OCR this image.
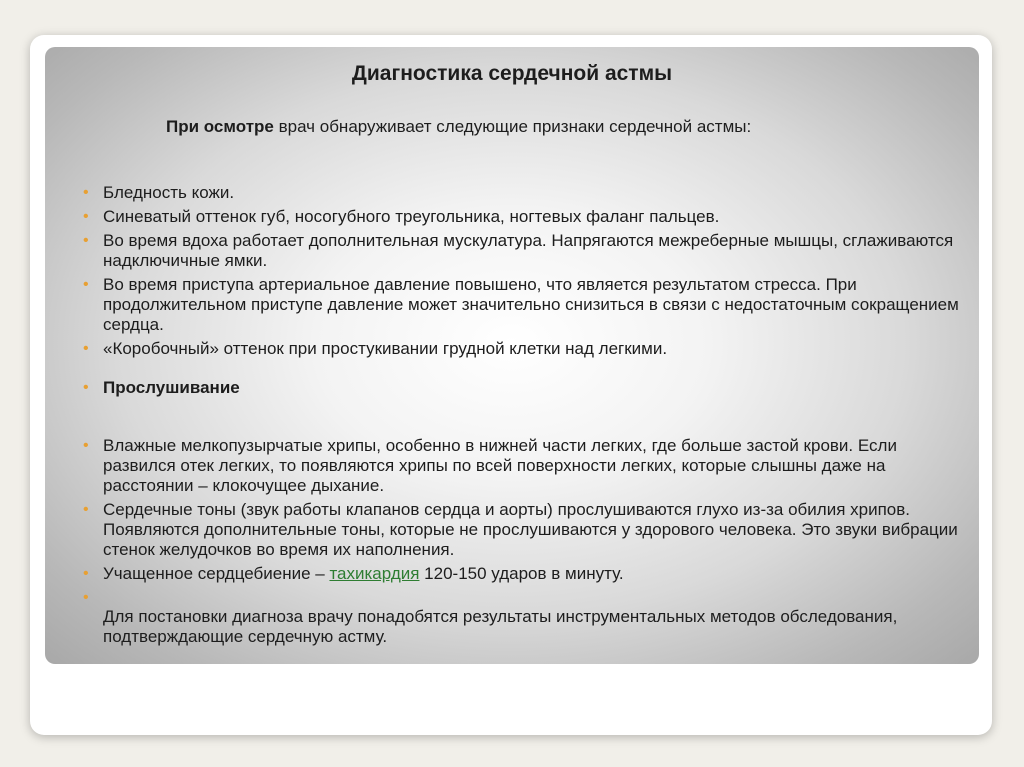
Диагностика сердечной астмы
При осмотре врач обнаруживает следующие признаки сердечной астмы:
• Бледность кожи.
• Синеватый оттенок губ, носогубного треугольника, ногтевых фаланг пальцев.
• Во время вдоха работает дополнительная мускулатура. Напрягаются межреберные мышцы, сглаживаются надключичные ямки.
• Во время приступа артериальное давление повышено, что является результатом стресса. При продолжительном приступе давление может значительно снизиться в связи с недостаточным сокращением сердца.
• «Коробочный» оттенок при простукивании грудной клетки над легкими.
• Прослушивание
• Влажные мелкопузырчатые хрипы, особенно в нижней части легких, где больше застой крови. Если развился отек легких, то появляются хрипы по всей поверхности легких, которые слышны даже на расстоянии – клокочущее дыхание.
• Сердечные тоны (звук работы клапанов сердца и аорты) прослушиваются глухо из-за обилия хрипов. Появляются дополнительные тоны, которые не прослушиваются у здорового человека. Это звуки вибрации стенок желудочков во время их наполнения.
• Учащенное сердцебиение – тахикардия 120-150 ударов в минуту.
•

Для постановки диагноза врачу понадобятся результаты инструментальных методов обследования, подтверждающие сердечную астму.
